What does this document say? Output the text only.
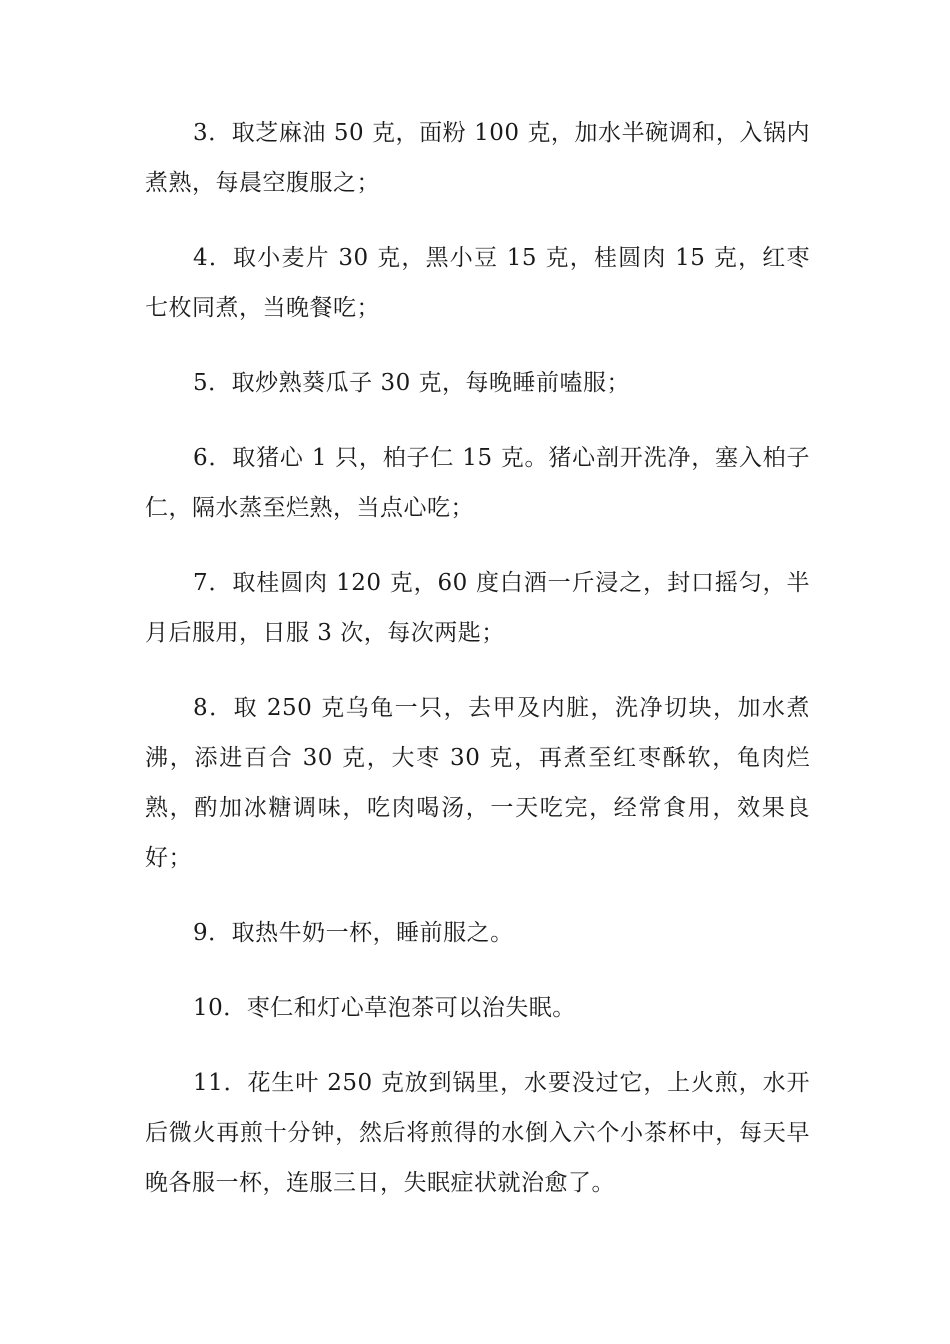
3．取芝麻油 50 克，面粉 100 克，加水半碗调和，入锅内煮熟，每晨空腹服之；

4．取小麦片 30 克，黑小豆 15 克，桂圆肉 15 克，红枣七枚同煮，当晚餐吃；

5．取炒熟葵瓜子 30 克，每晚睡前嗑服；

6．取猪心 1 只，柏子仁 15 克。猪心剖开洗净，塞入柏子仁，隔水蒸至烂熟，当点心吃；

7．取桂圆肉 120 克，60 度白酒一斤浸之，封口摇匀，半月后服用，日服 3 次，每次两匙；

8．取 250 克乌龟一只，去甲及内脏，洗净切块，加水煮沸，添进百合 30 克，大枣 30 克，再煮至红枣酥软，龟肉烂熟，酌加冰糖调味，吃肉喝汤，一天吃完，经常食用，效果良好；

9．取热牛奶一杯，睡前服之。

10．枣仁和灯心草泡茶可以治失眠。

11．花生叶 250 克放到锅里，水要没过它，上火煎，水开后微火再煎十分钟，然后将煎得的水倒入六个小茶杯中，每天早晚各服一杯，连服三日，失眠症状就治愈了。
